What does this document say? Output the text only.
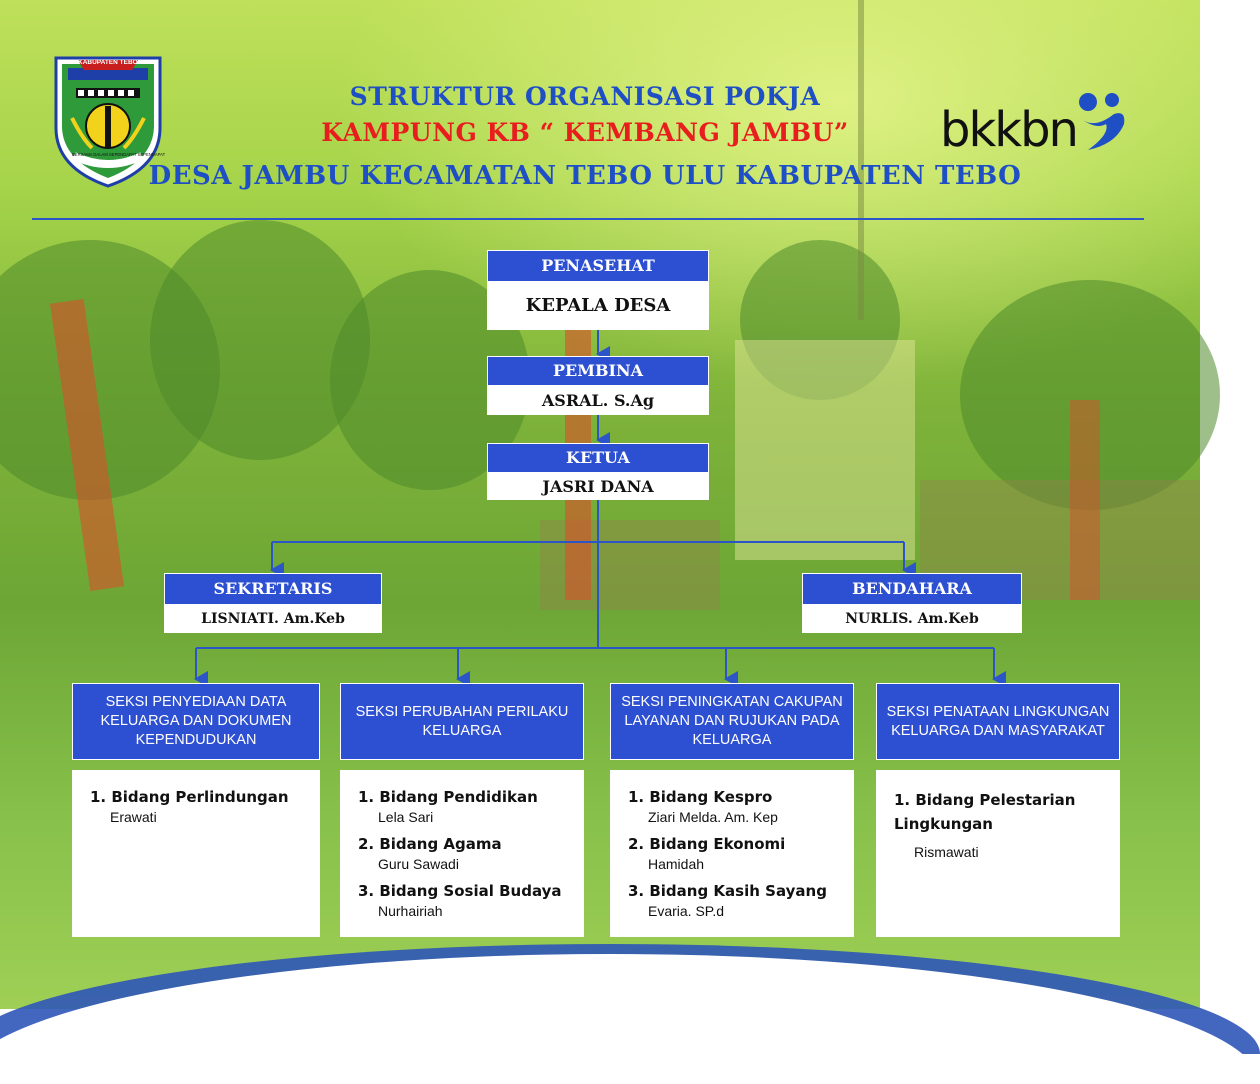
KABUPATEN TEBO
BERSAMA DALAM SEPENDAPAT SEPENDAPAT
STRUKTUR ORGANISASI POKJA
KAMPUNG KB “ KEMBANG JAMBU”
DESA JAMBU KECAMATAN TEBO ULU KABUPATEN TEBO
bkkbn
PENASEHAT
KEPALA DESA
PEMBINA
ASRAL. S.Ag
KETUA
JASRI DANA
SEKRETARIS
LISNIATI. Am.Keb
BENDAHARA
NURLIS. Am.Keb
SEKSI PENYEDIAAN DATA KELUARGA DAN DOKUMEN KEPENDUDUKAN
SEKSI PERUBAHAN PERILAKU KELUARGA
SEKSI PENINGKATAN CAKUPAN LAYANAN DAN RUJUKAN PADA KELUARGA
SEKSI PENATAAN LINGKUNGAN KELUARGA DAN MASYARAKAT
1. Bidang Perlindungan
Erawati
1. Bidang Pendidikan
Lela Sari
2. Bidang Agama
Guru Sawadi
3. Bidang Sosial Budaya
Nurhairiah
1. Bidang Kespro
Ziari Melda. Am. Kep
2. Bidang Ekonomi
Hamidah
3. Bidang Kasih Sayang
Evaria. SP.d
1. Bidang Pelestarian Lingkungan
Rismawati
